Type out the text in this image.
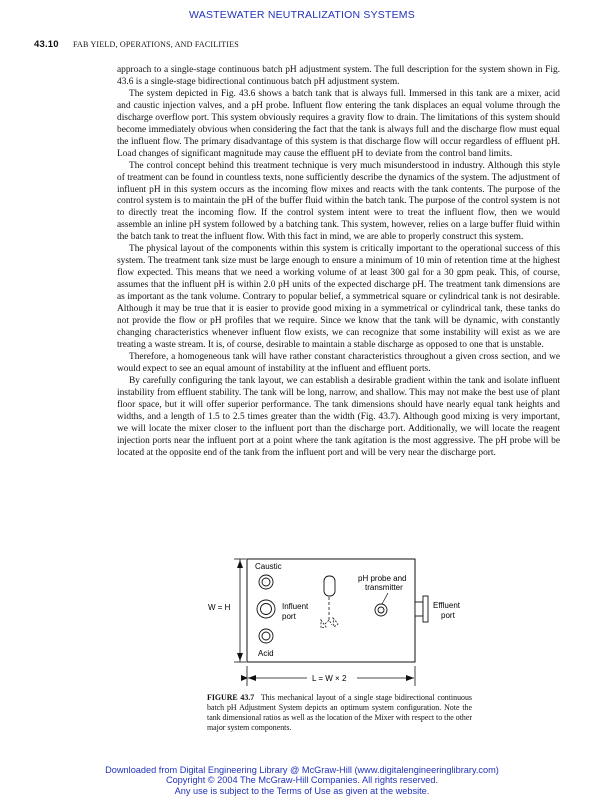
WASTEWATER NEUTRALIZATION SYSTEMS
43.10 FAB YIELD, OPERATIONS, AND FACILITIES

approach to a single-stage continuous batch pH adjustment system. The full description for the system shown in Fig. 43.6 is a single-stage bidirectional continuous batch pH adjustment system.

The system depicted in Fig. 43.6 shows a batch tank that is always full. Immersed in this tank are a mixer, acid and caustic injection valves, and a pH probe. Influent flow entering the tank displaces an equal volume through the discharge overflow port. This system obviously requires a gravity flow to drain. The limitations of this system should become immediately obvious when considering the fact that the tank is always full and the discharge flow must equal the influent flow. The primary disadvantage of this system is that discharge flow will occur regardless of effluent pH. Load changes of significant magnitude may cause the effluent pH to deviate from the control band limits.

The control concept behind this treatment technique is very much misunderstood in industry. Although this style of treatment can be found in countless texts, none sufficiently describe the dynamics of the system. The adjustment of influent pH in this system occurs as the incoming flow mixes and reacts with the tank contents. The purpose of the control system is to maintain the pH of the buffer fluid within the batch tank. The purpose of the control system is not to directly treat the incoming flow. If the control system intent were to treat the influent flow, then we would assemble an inline pH system followed by a batching tank. This system, however, relies on a large buffer fluid within the batch tank to treat the influent flow. With this fact in mind, we are able to properly construct this system.

The physical layout of the components within this system is critically important to the operational success of this system. The treatment tank size must be large enough to ensure a minimum of 10 min of retention time at the highest flow expected. This means that we need a working volume of at least 300 gal for a 30 gpm peak. This, of course, assumes that the influent pH is within 2.0 pH units of the expected discharge pH. The treatment tank dimensions are as important as the tank volume. Contrary to popular belief, a symmetrical square or cylindrical tank is not desirable. Although it may be true that it is easier to provide good mixing in a symmetrical or cylindrical tank, these tanks do not provide the flow or pH profiles that we require. Since we know that the tank will be dynamic, with constantly changing characteristics whenever influent flow exists, we can recognize that some instability will exist as we are treating a waste stream. It is, of course, desirable to maintain a stable discharge as opposed to one that is unstable.

Therefore, a homogeneous tank will have rather constant characteristics throughout a given cross section, and we would expect to see an equal amount of instability at the influent and effluent ports.

By carefully configuring the tank layout, we can establish a desirable gradient within the tank and isolate influent instability from effluent stability. The tank will be long, narrow, and shallow. This may not make the best use of plant floor space, but it will offer superior performance. The tank dimensions should have nearly equal tank heights and widths, and a length of 1.5 to 2.5 times greater than the width (Fig. 43.7). Although good mixing is very important, we will locate the mixer closer to the influent port than the discharge port. Additionally, we will locate the reagent injection ports near the influent port at a point where the tank agitation is the most aggressive. The pH probe will be located at the opposite end of the tank from the influent port and will be very near the discharge port.

W = H
L = W × 2
Caustic
Influent
port
Acid
pH probe and
transmitter
Effluent
port
FIGURE 43.7 This mechanical layout of a single stage bidirectional continuous batch pH Adjustment System depicts an optimum system configuration. Note the tank dimensional ratios as well as the location of the Mixer with respect to the other major system components.
Downloaded from Digital Engineering Library @ McGraw-Hill (www.digitalengineeringlibrary.com)
Copyright © 2004 The McGraw-Hill Companies. All rights reserved.
Any use is subject to the Terms of Use as given at the website.
